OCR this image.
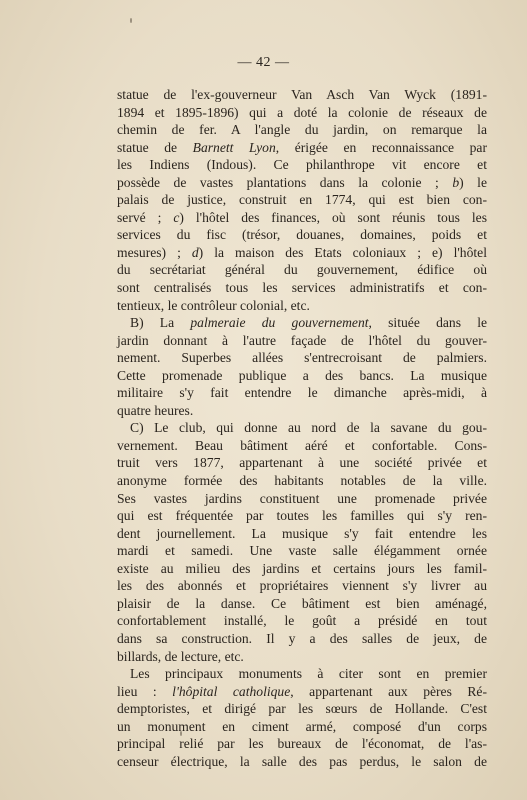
— 42 —
statue de l'ex-gouverneur Van Asch Van Wyck (1891-
1894 et 1895-1896) qui a doté la colonie de réseaux de
chemin de fer. A l'angle du jardin, on remarque la
statue de Barnett Lyon, érigée en reconnaissance par
les Indiens (Indous). Ce philanthrope vit encore et
possède de vastes plantations dans la colonie ; b) le
palais de justice, construit en 1774, qui est bien con-
servé ; c) l'hôtel des finances, où sont réunis tous les
services du fisc (trésor, douanes, domaines, poids et
mesures) ; d) la maison des Etats coloniaux ; e) l'hôtel
du secrétariat général du gouvernement, édifice où
sont centralisés tous les services administratifs et con-
tentieux, le contrôleur colonial, etc.
B) La palmeraie du gouvernement, située dans le
jardin donnant à l'autre façade de l'hôtel du gouver-
nement. Superbes allées s'entrecroisant de palmiers.
Cette promenade publique a des bancs. La musique
militaire s'y fait entendre le dimanche après-midi, à
quatre heures.
C) Le club, qui donne au nord de la savane du gou-
vernement. Beau bâtiment aéré et confortable. Cons-
truit vers 1877, appartenant à une société privée et
anonyme formée des habitants notables de la ville.
Ses vastes jardins constituent une promenade privée
qui est fréquentée par toutes les familles qui s'y ren-
dent journellement. La musique s'y fait entendre les
mardi et samedi. Une vaste salle élégamment ornée
existe au milieu des jardins et certains jours les famil-
les des abonnés et propriétaires viennent s'y livrer au
plaisir de la danse. Ce bâtiment est bien aménagé,
confortablement installé, le goût a présidé en tout
dans sa construction. Il y a des salles de jeux, de
billards, de lecture, etc.
Les principaux monuments à citer sont en premier
lieu : l'hôpital catholique, appartenant aux pères Ré-
demptoristes, et dirigé par les sœurs de Hollande. C'est
un monument en ciment armé, composé d'un corps
principal relié par les bureaux de l'économat, de l'as-
censeur électrique, la salle des pas perdus, le salon de
